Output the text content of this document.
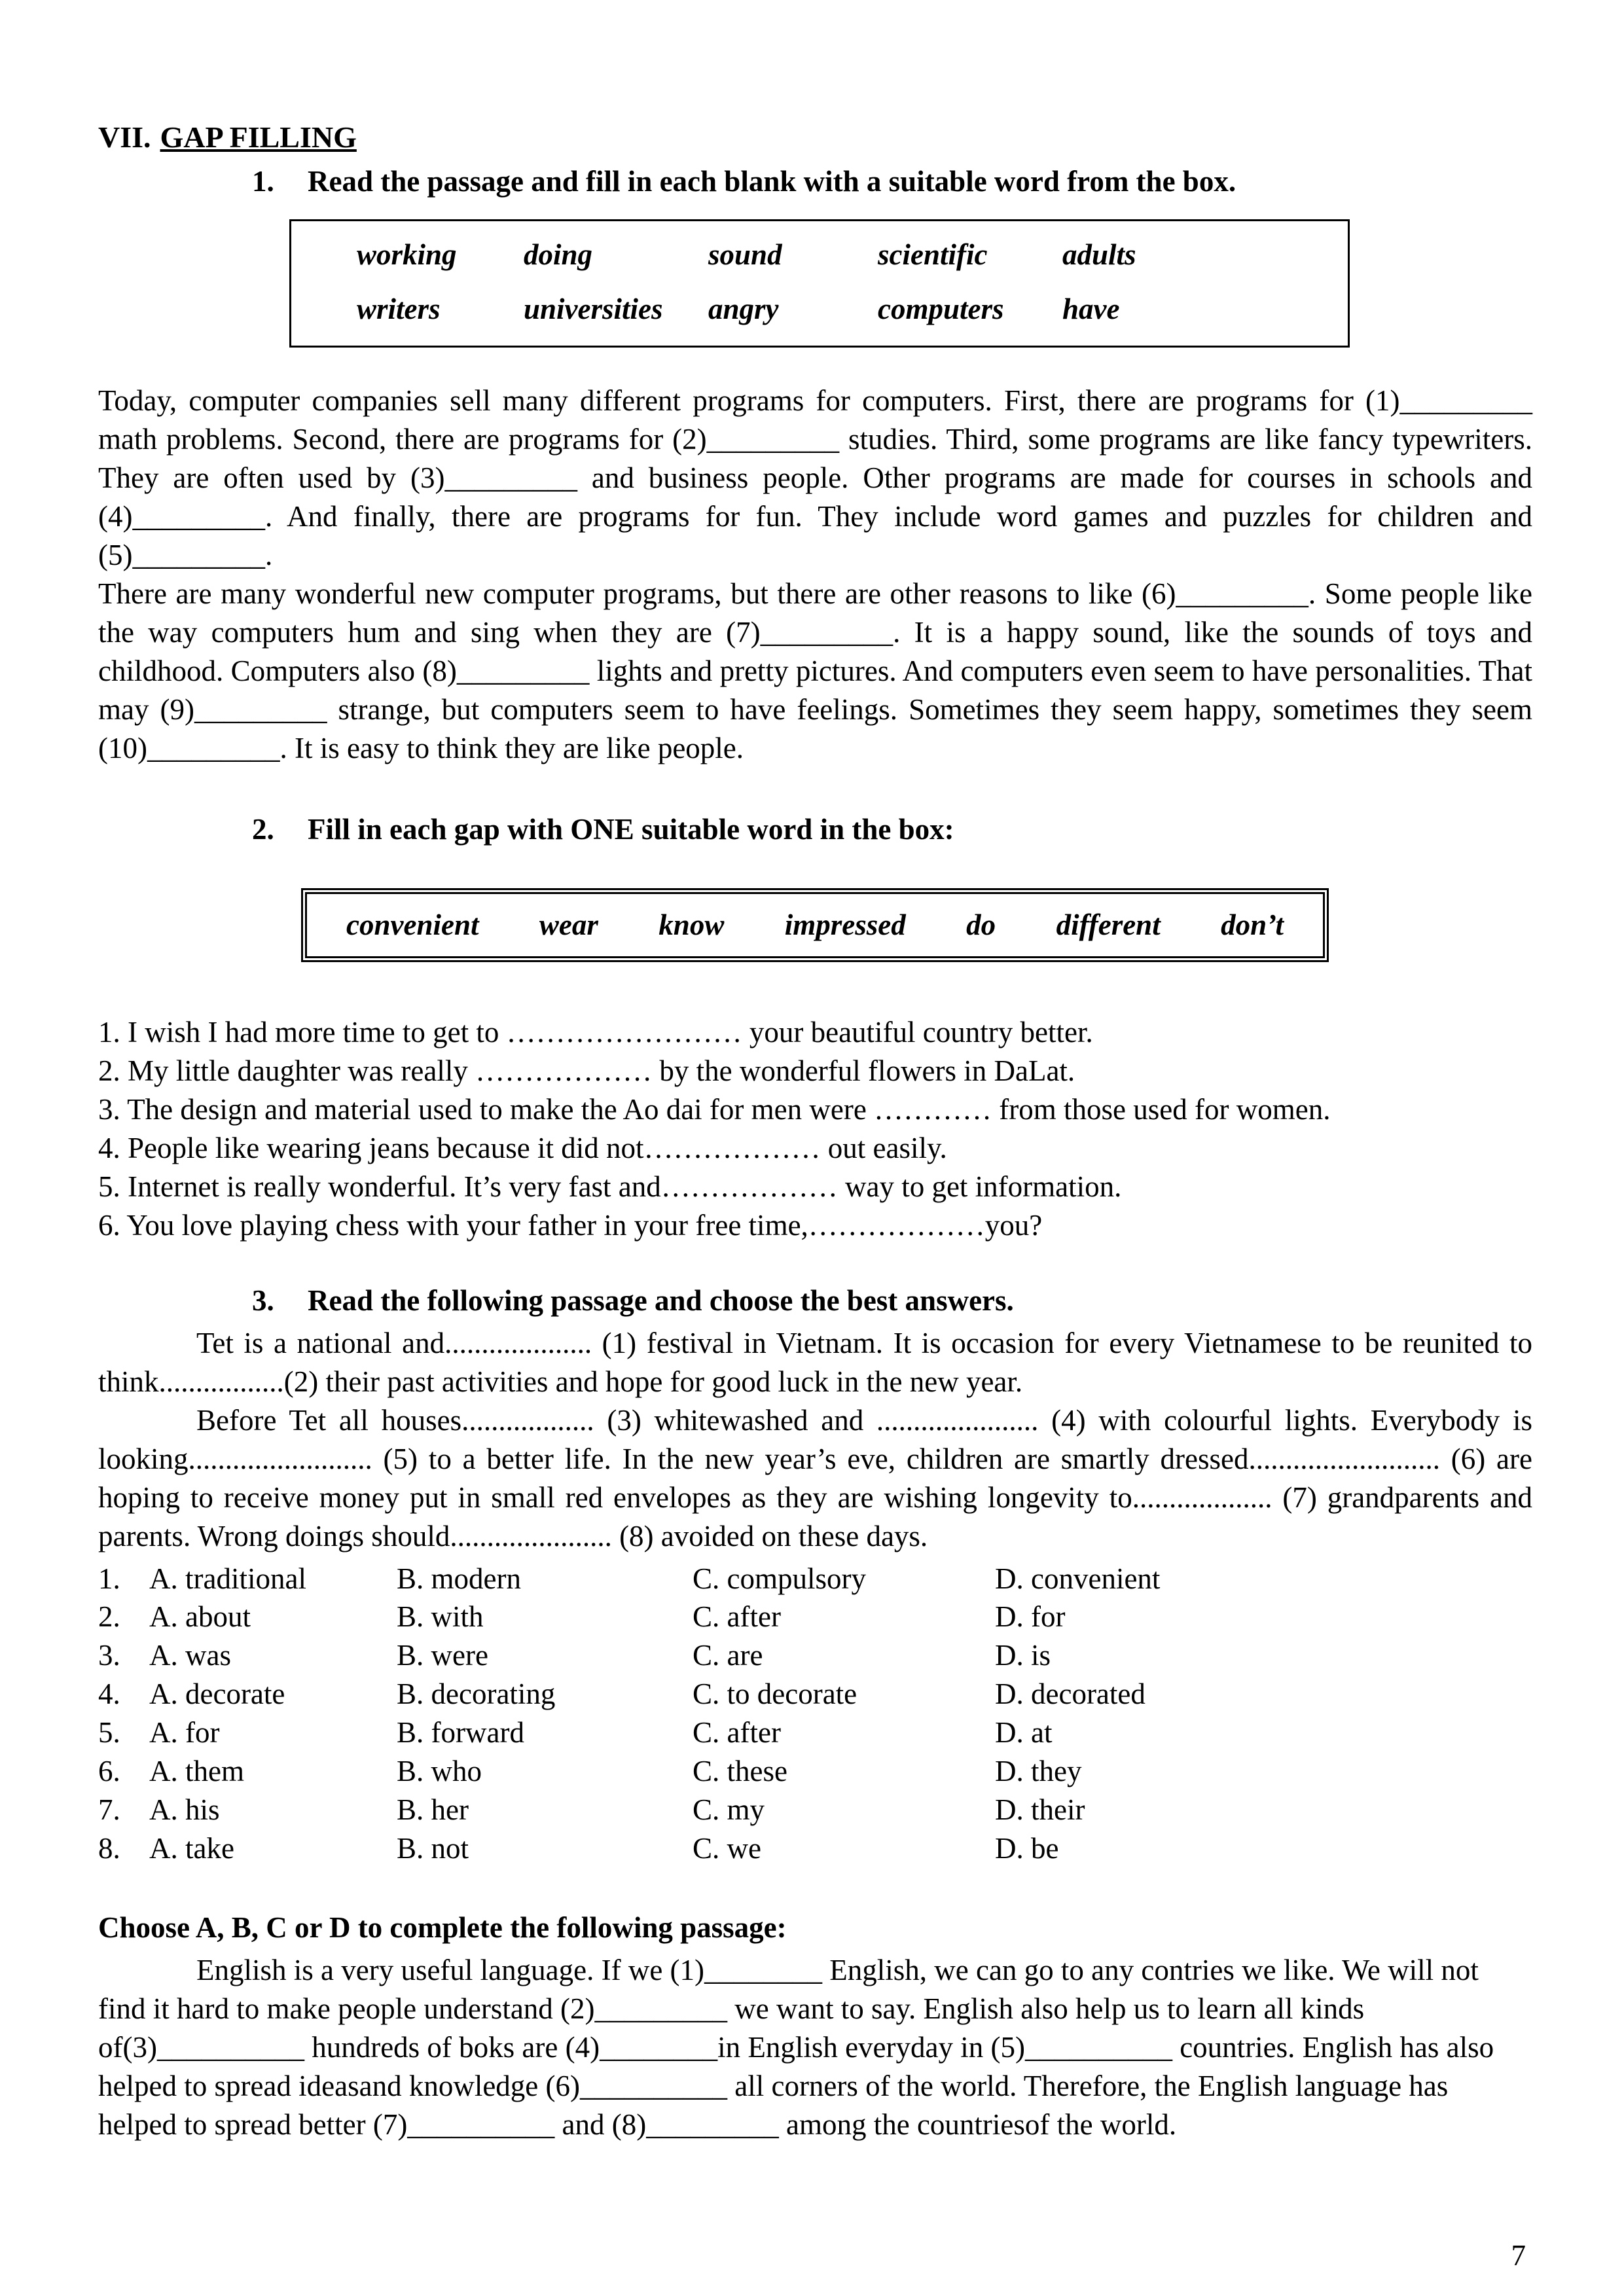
VII. GAP FILLING
1.	Read the passage and fill in each blank with a suitable word from the box.
working	doing	sound	scientific	adults
writers	universities	angry	computers	have

Today, computer companies sell many different programs for computers. First, there are programs for (1)_________ math problems. Second, there are programs for (2)_________ studies. Third, some programs are like fancy typewriters. They are often used by (3)_________ and business people. Other programs are made for courses in schools and (4)_________. And finally, there are programs for fun. They include word games and puzzles for children and (5)_________.

There are many wonderful new computer programs, but there are other reasons to like (6)_________. Some people like the way computers hum and sing when they are (7)_________. It is a happy sound, like the sounds of toys and childhood. Computers also (8)_________ lights and pretty pictures. And computers even seem to have personalities. That may (9)_________ strange, but computers seem to have feelings. Sometimes they seem happy, sometimes they seem (10)_________. It is easy to think they are like people.

2.	Fill in each gap with ONE suitable word in the box:
convenient wear know impressed do different don’t
1. I wish I had more time to get to …………………… your beautiful country better.
2. My little daughter was really ……………… by the wonderful flowers in DaLat.
3. The design and material used to make the Ao dai for men were ………… from those used for women.
4. People like wearing jeans because it did not……………… out easily.
5. Internet is really wonderful. It’s very fast and……………… way to get information.
6. You love playing chess with your father in your free time,………………you?
3.	Read the following passage and choose the best answers.

Tet is a national and.................... (1) festival in Vietnam. It is occasion for every Vietnamese to be reunited to think.................(2) their past activities and hope for good luck in the new year.

Before Tet all houses.................. (3) whitewashed and ...................... (4) with colourful lights. Everybody is looking......................... (5) to a better life. In the new year’s eve, children are smartly dressed.......................... (6) are hoping to receive money put in small red envelopes as they are wishing longevity to................... (7) grandparents and parents. Wrong doings should...................... (8) avoided on these days.

1. A. traditional	B. modern	C. compulsory	D. convenient
2. A. about	B. with	C. after	D. for
3. A. was	B. were	C. are	D. is
4. A. decorate	B. decorating	C. to decorate	D. decorated
5. A. for	B. forward	C. after	D. at
6. A. them	B. who	C. these	D. they
7. A. his	B. her	C. my	D. their
8. A. take	B. not	C. we	D. be
Choose A, B, C or D to complete the following passage:

English is a very useful language. If we (1)________ English, we can go to any contries we like. We will not find it hard to make people understand (2)_________ we want to say. English also help us to learn all kinds of(3)__________ hundreds of boks are (4)________in English everyday in (5)__________ countries. English has also helped to spread ideasand knowledge (6)__________ all corners of the world. Therefore, the English language has helped to spread better (7)__________ and (8)_________ among the countriesof the world.

7
